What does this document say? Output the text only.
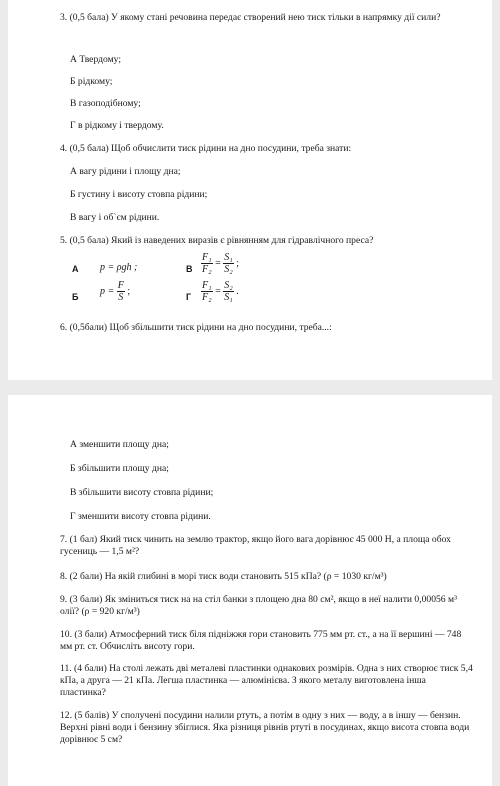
3. (0,5 бала) У якому стані речовина передає створений нею тиск тільки в напрямку дії сили?
А Твердому;
Б рідкому;
В газоподібному;
Г в рідкому і твердому.
4. (0,5 бала) Щоб обчислити тиск рідини на дно посудини, треба знати:
А вагу рідини і площу дна;
Б густину і висоту стовпа рідини;
В вагу і об`єм рідини.
5. (0,5 бала) Який із наведених виразів є рівнянням для гідравлічного преса?
А p = ρgh ;	В $\frac{\text{F₁}}{\text{F₂}} = \frac{\text{S₁}}{\text{S₂}}$ ;
Б
$p = \frac{F}{S}$ ;
Г $\frac{\text{F₁}}{\text{F₂}} = \frac{\text{S₂}}{\text{S₁}}$ .
6. (0,5бали) Щоб збільшити тиск рідини на дно посудини, треба...:
А зменшити площу дна;
Б збільшити площу дна;
В збільшити висоту стовпа рідини;
Г зменшити висоту стовпа рідини.
7. (1 бал) Який тиск чинить на землю трактор, якщо його вага дорівнює 45 000 Н, а площа обох гусениць — 1,5 м²?
8. (2 бали) На якій глибині в морі тиск води становить 515 кПа? (ρ = 1030 кг/м³)
9. (3 бали) Як зміниться тиск на на стіл банки з площею дна 80 см², якщо в неї налити 0,00056 м³ олії? (ρ = 920 кг/м³)
10. (3 бали) Атмосферний тиск біля підніжжя гори становить 775 мм рт. ст., а на її вершині — 748 мм рт. ст. Обчисліть висоту гори.
11. (4 бали) На столі лежать дві металеві пластинки однакових розмірів. Одна з них створює тиск 5,4 кПа, а друга — 21 кПа. Легша пластинка — алюмінієва. З якого металу виготовлена інша пластинка?
12. (5 балів) У сполучені посудини налили ртуть, а потім в одну з них — воду, а в іншу — бензин. Верхні рівні води і бензину збіглися. Яка різниця рівнів ртуті в посудинах, якщо висота стовпа води дорівнює 5 см?
